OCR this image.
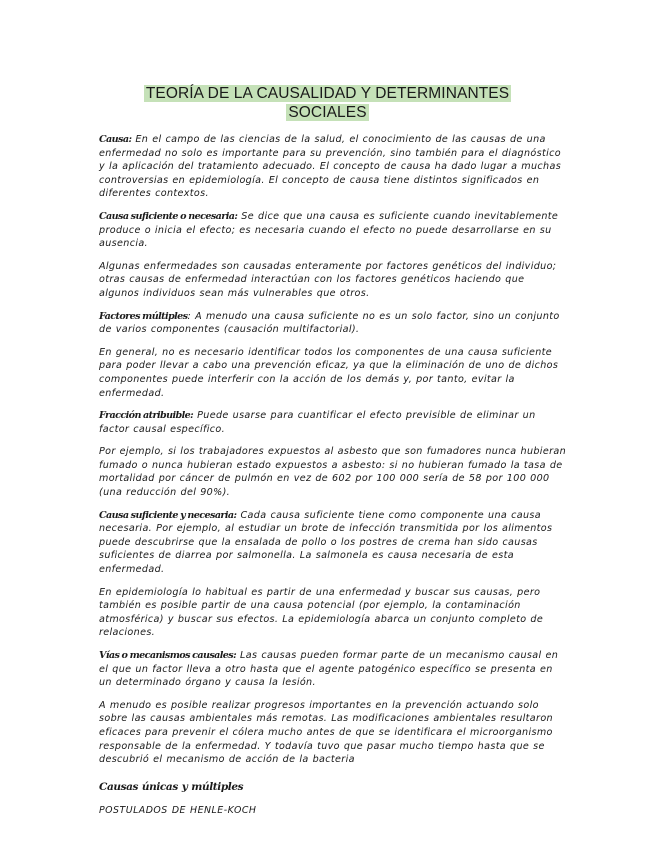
TEORÍA DE LA CAUSALIDAD Y DETERMINANTES
SOCIALES

Causa: En el campo de las ciencias de la salud, el conocimiento de las causas de una enfermedad no solo es importante para su prevención, sino también para el diagnóstico y la aplicación del tratamiento adecuado. El concepto de causa ha dado lugar a muchas controversias en epidemiología. El concepto de causa tiene distintos significados en diferentes contextos.

Causa suficiente o necesaria: Se dice que una causa es suficiente cuando inevitablemente produce o inicia el efecto; es necesaria cuando el efecto no puede desarrollarse en su ausencia.

Algunas enfermedades son causadas enteramente por factores genéticos del individuo; otras causas de enfermedad interactúan con los factores genéticos haciendo que algunos individuos sean más vulnerables que otros.

Factores múltiples: A menudo una causa suficiente no es un solo factor, sino un conjunto de varios componentes (causación multifactorial).

En general, no es necesario identificar todos los componentes de una causa suficiente para poder llevar a cabo una prevención eficaz, ya que la eliminación de uno de dichos componentes puede interferir con la acción de los demás y, por tanto, evitar la enfermedad.

Fracción atribuible: Puede usarse para cuantificar el efecto previsible de eliminar un factor causal específico.

Por ejemplo, si los trabajadores expuestos al asbesto que son fumadores nunca hubieran fumado o nunca hubieran estado expuestos a asbesto: si no hubieran fumado la tasa de mortalidad por cáncer de pulmón en vez de 602 por 100 000 sería de 58 por 100 000 (una reducción del 90%).

Causa suficiente y necesaria: Cada causa suficiente tiene como componente una causa necesaria. Por ejemplo, al estudiar un brote de infección transmitida por los alimentos puede descubrirse que la ensalada de pollo o los postres de crema han sido causas suficientes de diarrea por salmonella. La salmonela es causa necesaria de esta enfermedad.

En epidemiología lo habitual es partir de una enfermedad y buscar sus causas, pero también es posible partir de una causa potencial (por ejemplo, la contaminación atmosférica) y buscar sus efectos. La epidemiología abarca un conjunto completo de relaciones.

Vías o mecanismos causales: Las causas pueden formar parte de un mecanismo causal en el que un factor lleva a otro hasta que el agente patogénico específico se presenta en un determinado órgano y causa la lesión.

A menudo es posible realizar progresos importantes en la prevención actuando solo sobre las causas ambientales más remotas. Las modificaciones ambientales resultaron eficaces para prevenir el cólera mucho antes de que se identificara el microorganismo responsable de la enfermedad. Y todavía tuvo que pasar mucho tiempo hasta que se descubrió el mecanismo de acción de la bacteria

Causas únicas y múltiples
POSTULADOS DE HENLE-KOCH
